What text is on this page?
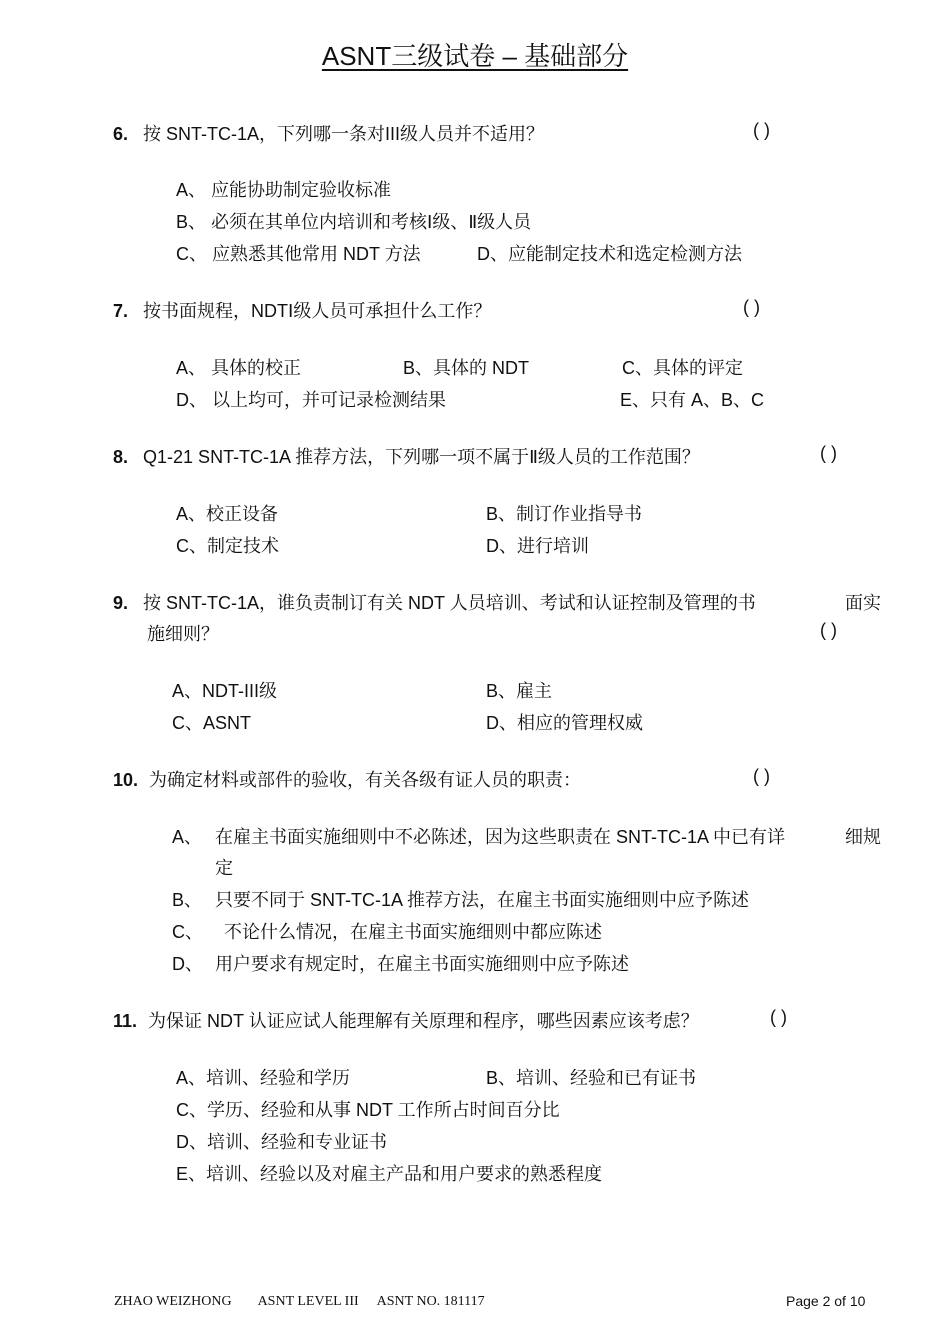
ASNT三级试卷 – 基础部分
6. 按 SNT-TC-1A，下列哪一条对III级人员并不适用？	( )
A、 应能协助制定验收标准
B、 必须在其单位内培训和考核Ⅰ级、Ⅱ级人员
C、 应熟悉其他常用 NDT 方法	D、应能制定技术和选定检测方法
7. 按书面规程，NDTⅠ级人员可承担什么工作？	( )
A、 具体的校正	B、具体的 NDT	C、具体的评定
D、 以上均可，并可记录检测结果	E、只有 A、B、C
8. Q1-21 SNT-TC-1A 推荐方法，下列哪一项不属于Ⅱ级人员的工作范围？	( )
A、校正设备	B、制订作业指导书
C、制定技术	D、进行培训
9. 按 SNT-TC-1A，谁负责制订有关 NDT 人员培训、考试和认证控制及管理的书	面实
施细则？	( )
A、NDT-III级	B、雇主
C、ASNT	D、相应的管理权威
10. 为确定材料或部件的验收，有关各级有证人员的职责：	( )
A、 在雇主书面实施细则中不必陈述，因为这些职责在 SNT-TC-1A 中已有详	细规
定
B、 只要不同于 SNT-TC-1A 推荐方法，在雇主书面实施细则中应予陈述
C、 不论什么情况，在雇主书面实施细则中都应陈述
D、 用户要求有规定时，在雇主书面实施细则中应予陈述
11. 为保证 NDT 认证应试人能理解有关原理和程序，哪些因素应该考虑？	( )
A、培训、经验和学历	B、培训、经验和已有证书
C、学历、经验和从事 NDT 工作所占时间百分比
D、培训、经验和专业证书
E、培训、经验以及对雇主产品和用户要求的熟悉程度
ZHAO WEIZHONG ASNT LEVEL III ASNT NO. 181117	Page 2 of 10
